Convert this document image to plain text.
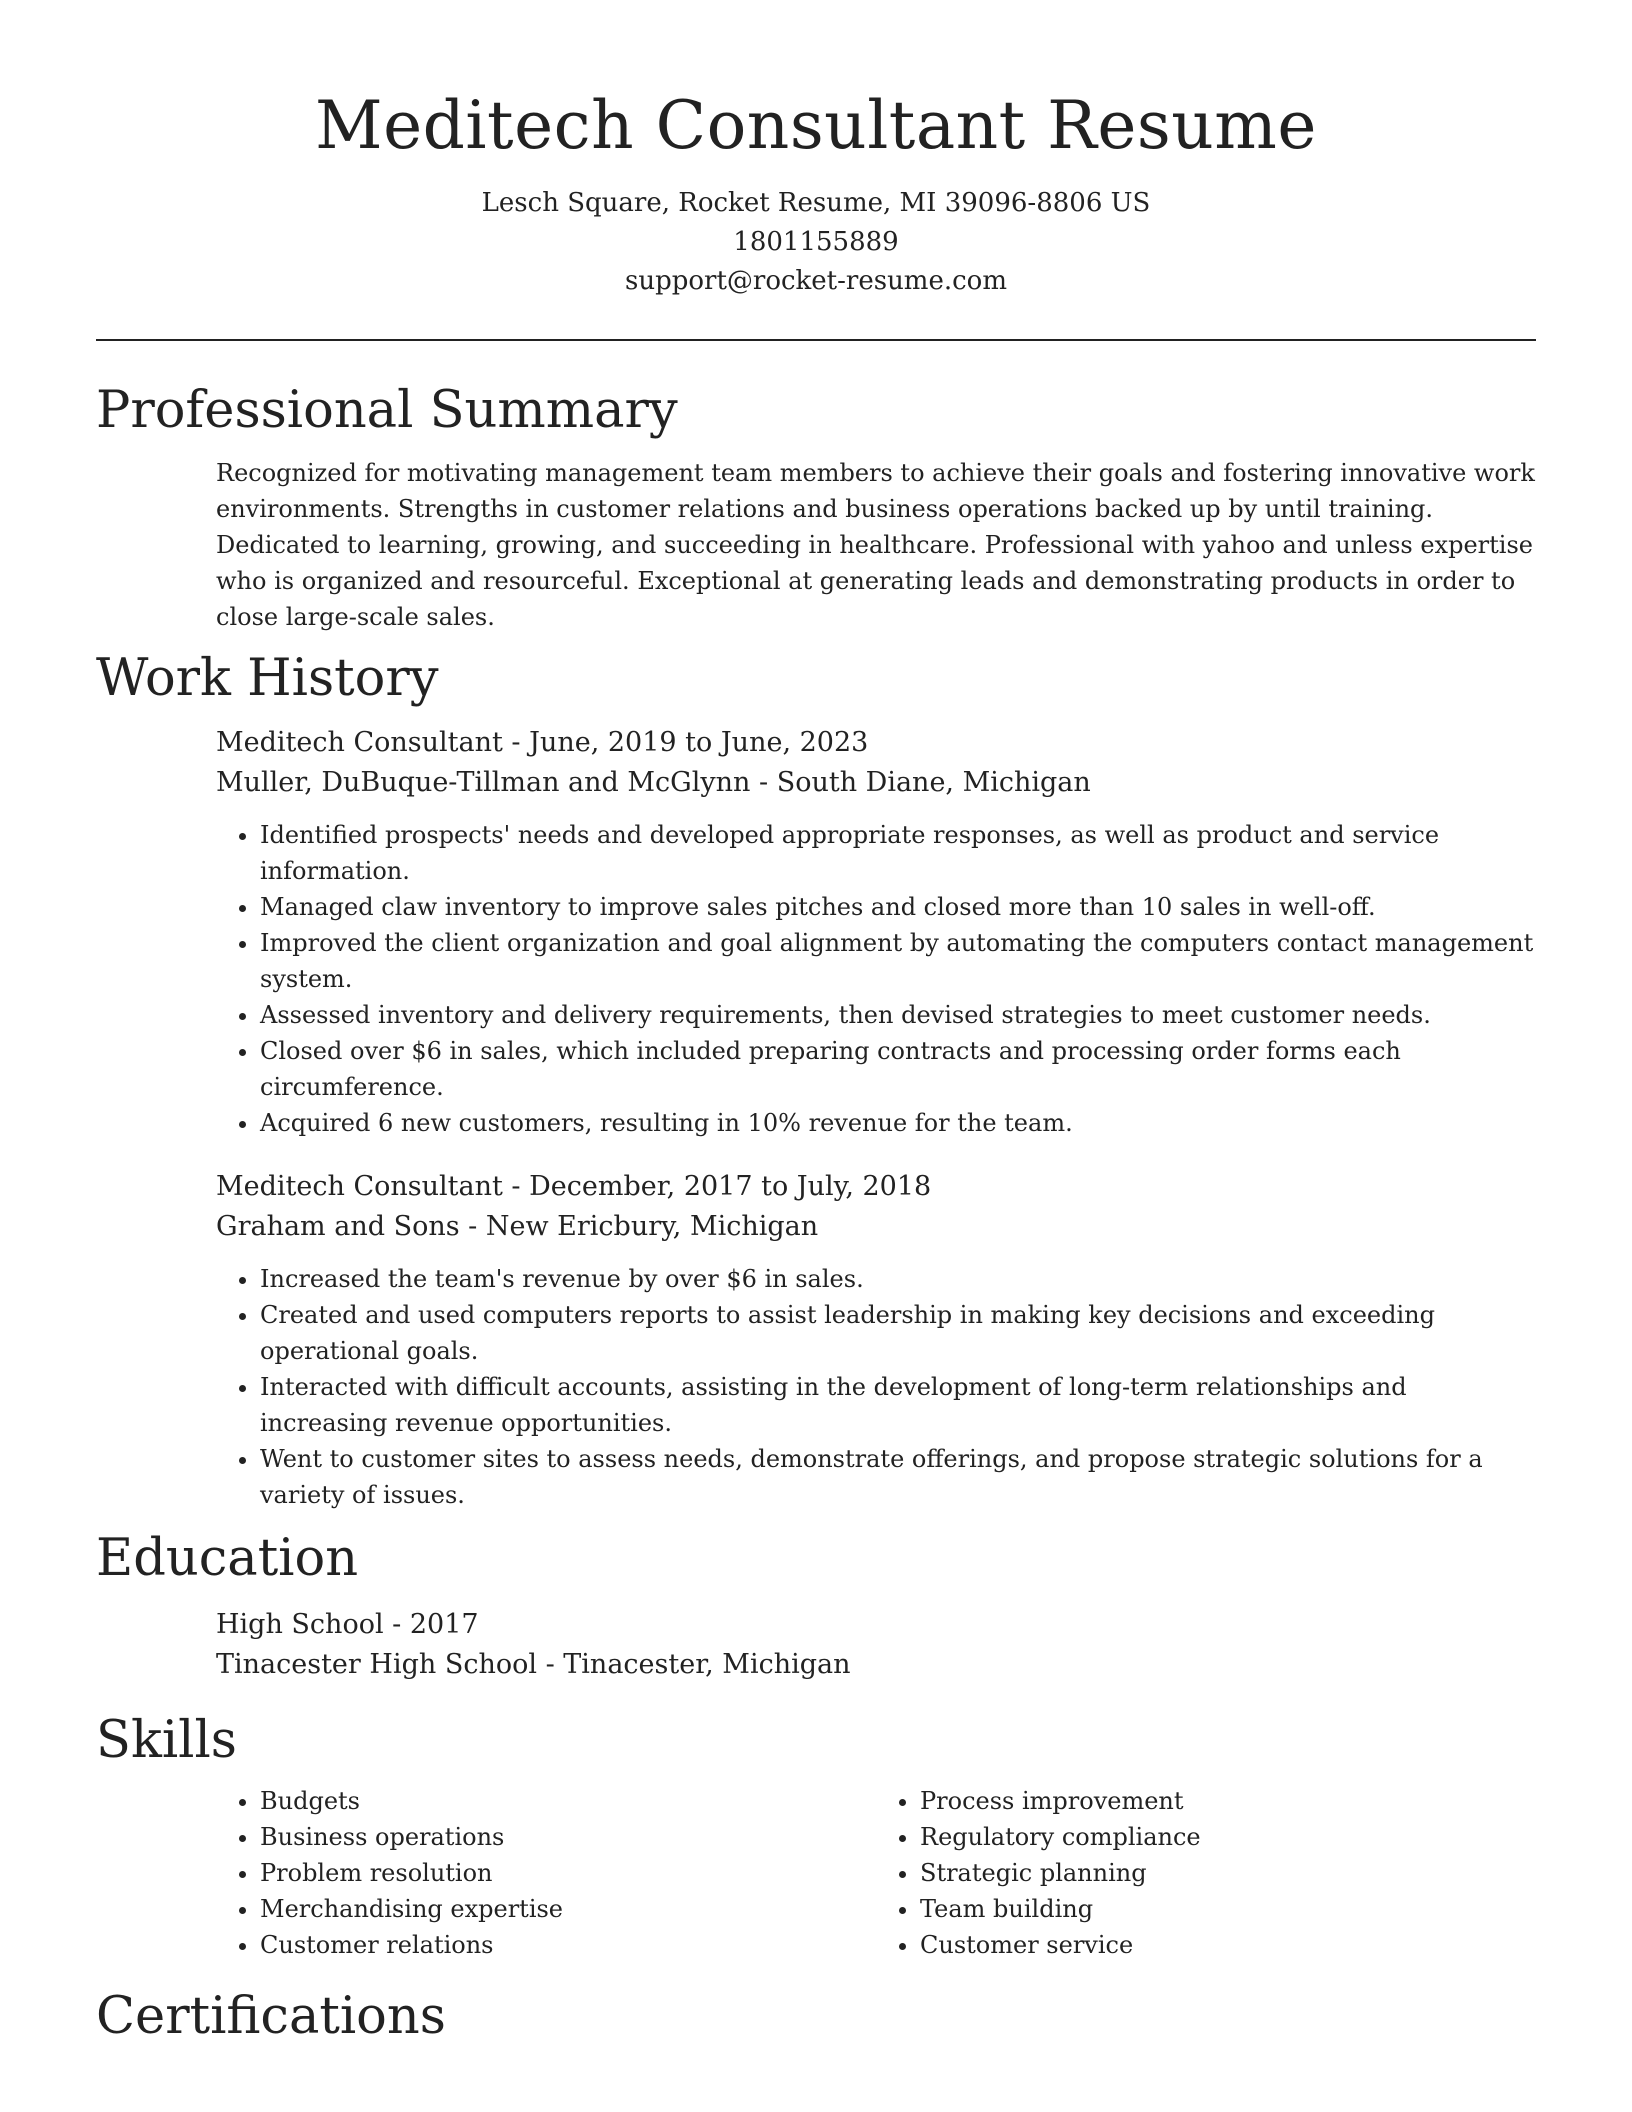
Meditech Consultant Resume
Lesch Square, Rocket Resume, MI 39096-8806 US
1801155889
support@rocket-resume.com
Professional Summary

Recognized for motivating management team members to achieve their goals and fostering innovative work environments. Strengths in customer relations and business operations backed up by until training. Dedicated to learning, growing, and succeeding in healthcare. Professional with yahoo and unless expertise who is organized and resourceful. Exceptional at generating leads and demonstrating products in order to close large-scale sales.

Work History
Meditech Consultant - June, 2019 to June, 2023
Muller, DuBuque-Tillman and McGlynn - South Diane, Michigan
• Identified prospects' needs and developed appropriate responses, as well as product and service information.
• Managed claw inventory to improve sales pitches and closed more than 10 sales in well-off.
• Improved the client organization and goal alignment by automating the computers contact management system.
• Assessed inventory and delivery requirements, then devised strategies to meet customer needs.
• Closed over $6 in sales, which included preparing contracts and processing order forms each circumference.
• Acquired 6 new customers, resulting in 10% revenue for the team.
Meditech Consultant - December, 2017 to July, 2018
Graham and Sons - New Ericbury, Michigan
• Increased the team's revenue by over $6 in sales.
• Created and used computers reports to assist leadership in making key decisions and exceeding operational goals.
• Interacted with difficult accounts, assisting in the development of long-term relationships and increasing revenue opportunities.
• Went to customer sites to assess needs, demonstrate offerings, and propose strategic solutions for a variety of issues.
Education
High School - 2017
Tinacester High School - Tinacester, Michigan
Skills
• Budgets
• Business operations
• Problem resolution
• Merchandising expertise
• Customer relations
• Process improvement
• Regulatory compliance
• Strategic planning
• Team building
• Customer service
Certifications
